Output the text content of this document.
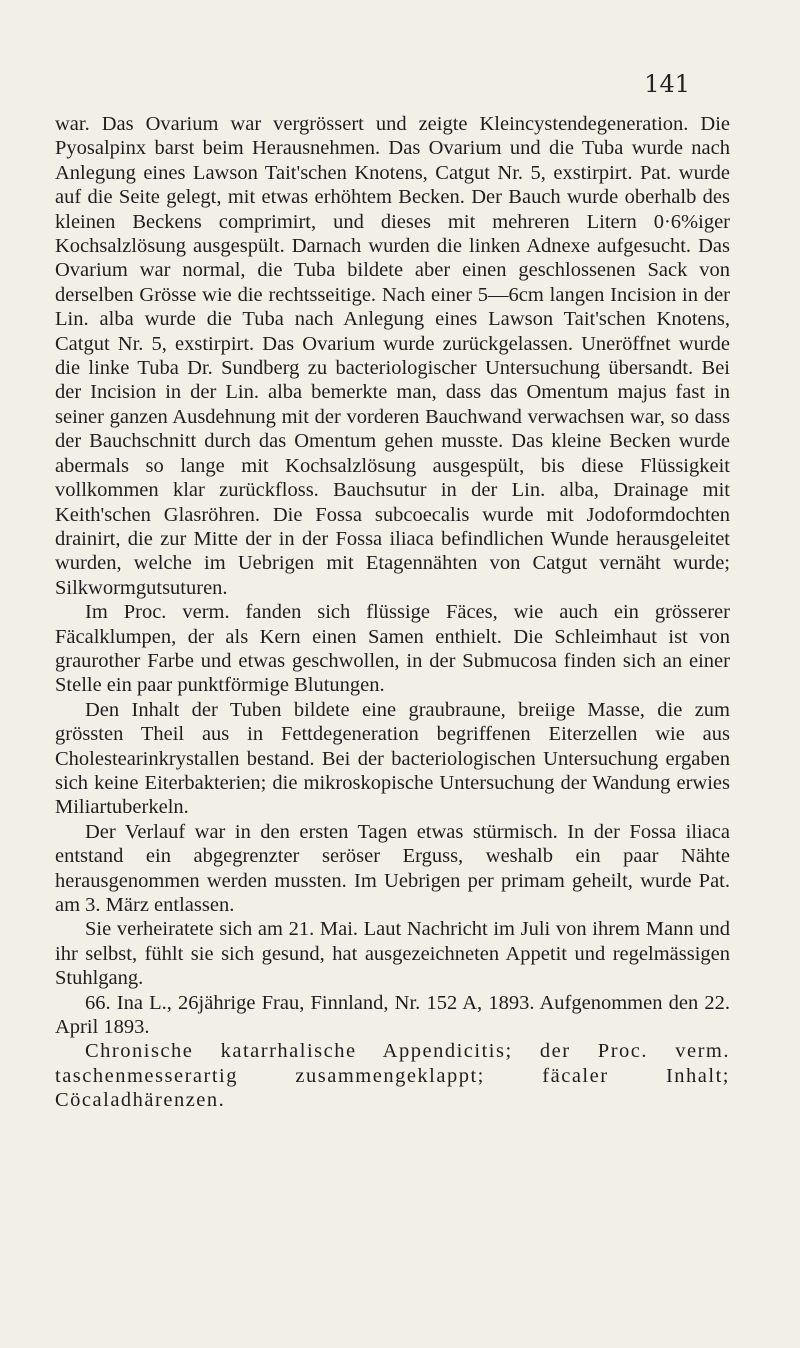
141

war. Das Ovarium war vergrössert und zeigte Kleincystendegeneration. Die Pyosalpinx barst beim Herausnehmen. Das Ovarium und die Tuba wurde nach Anlegung eines Lawson Tait'schen Knotens, Catgut Nr. 5, exstirpirt. Pat. wurde auf die Seite gelegt, mit etwas erhöhtem Becken. Der Bauch wurde oberhalb des kleinen Beckens comprimirt, und dieses mit mehreren Litern 0·6%iger Kochsalzlösung ausgespült. Darnach wurden die linken Adnexe aufgesucht. Das Ovarium war normal, die Tuba bildete aber einen geschlossenen Sack von derselben Grösse wie die rechtsseitige. Nach einer 5—6cm langen Incision in der Lin. alba wurde die Tuba nach Anlegung eines Lawson Tait'schen Knotens, Catgut Nr. 5, exstirpirt. Das Ovarium wurde zurückgelassen. Uneröffnet wurde die linke Tuba Dr. Sundberg zu bacteriologischer Untersuchung übersandt. Bei der Incision in der Lin. alba bemerkte man, dass das Omentum majus fast in seiner ganzen Ausdehnung mit der vorderen Bauchwand verwachsen war, so dass der Bauchschnitt durch das Omentum gehen musste. Das kleine Becken wurde abermals so lange mit Kochsalzlösung ausgespült, bis diese Flüssigkeit vollkommen klar zurückfloss. Bauchsutur in der Lin. alba, Drainage mit Keith'schen Glasröhren. Die Fossa subcoecalis wurde mit Jodoformdochten drainirt, die zur Mitte der in der Fossa iliaca befindlichen Wunde herausgeleitet wurden, welche im Uebrigen mit Etagennähten von Catgut vernäht wurde; Silkwormgutsuturen.

Im Proc. verm. fanden sich flüssige Fäces, wie auch ein grösserer Fäcalklumpen, der als Kern einen Samen enthielt. Die Schleimhaut ist von graurother Farbe und etwas geschwollen, in der Submucosa finden sich an einer Stelle ein paar punktförmige Blutungen.

Den Inhalt der Tuben bildete eine graubraune, breiige Masse, die zum grössten Theil aus in Fettdegeneration begriffenen Eiterzellen wie aus Cholestearinkrystallen bestand. Bei der bacteriologischen Untersuchung ergaben sich keine Eiterbakterien; die mikroskopische Untersuchung der Wandung erwies Miliartuberkeln.

Der Verlauf war in den ersten Tagen etwas stürmisch. In der Fossa iliaca entstand ein abgegrenzter seröser Erguss, weshalb ein paar Nähte herausgenommen werden mussten. Im Uebrigen per primam geheilt, wurde Pat. am 3. März entlassen.

Sie verheiratete sich am 21. Mai. Laut Nachricht im Juli von ihrem Mann und ihr selbst, fühlt sie sich gesund, hat ausgezeichneten Appetit und regelmässigen Stuhlgang.

66. Ina L., 26jährige Frau, Finnland, Nr. 152 A, 1893. Aufgenommen den 22. April 1893.

Chronische katarrhalische Appendicitis; der Proc. verm. taschenmesserartig zusammengeklappt; fäcaler Inhalt; Cöcaladhärenzen.
